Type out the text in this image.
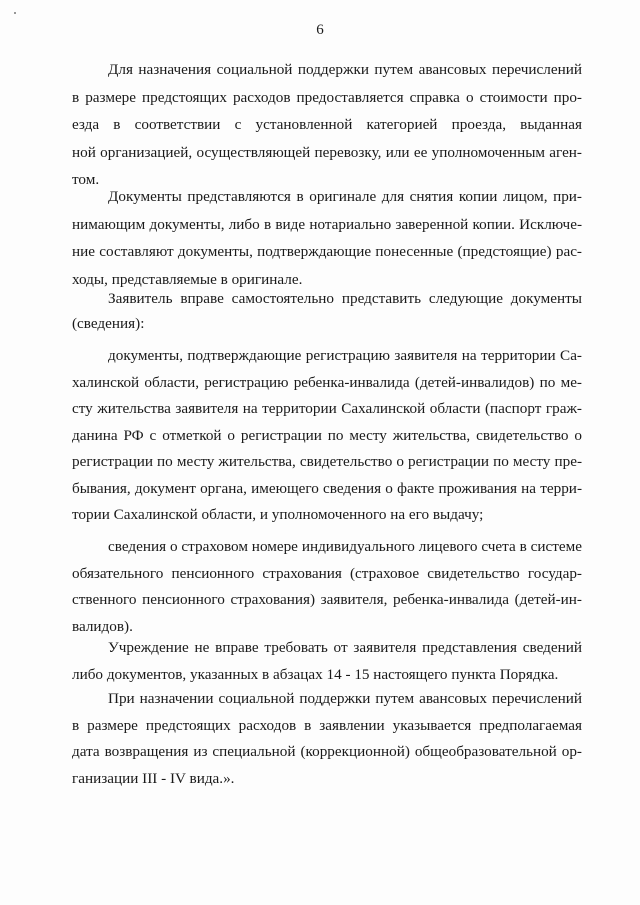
6
Для назначения социальной поддержки путем авансовых перечислений
в размере предстоящих расходов предоставляется справка о стоимости про-
езда в соответствии с установленной категорией проезда, выданная
ной организацией, осуществляющей перевозку, или ее уполномоченным аген-
том.
Документы представляются в оригинале для снятия копии лицом, при-
нимающим документы, либо в виде нотариально заверенной копии. Исключе-
ние составляют документы, подтверждающие понесенные (предстоящие) рас-
ходы, представляемые в оригинале.
Заявитель вправе самостоятельно представить следующие документы
(сведения):
документы, подтверждающие регистрацию заявителя на территории Са-
халинской области, регистрацию ребенка-инвалида (детей-инвалидов) по ме-
сту жительства заявителя на территории Сахалинской области (паспорт граж-
данина РФ с отметкой о регистрации по месту жительства, свидетельство о
регистрации по месту жительства, свидетельство о регистрации по месту пре-
бывания, документ органа, имеющего сведения о факте проживания на терри-
тории Сахалинской области, и уполномоченного на его выдачу;
сведения о страховом номере индивидуального лицевого счета в системе
обязательного пенсионного страхования (страховое свидетельство государ-
ственного пенсионного страхования) заявителя, ребенка-инвалида (детей-ин-
валидов).
Учреждение не вправе требовать от заявителя представления сведений
либо документов, указанных в абзацах 14 - 15 настоящего пункта Порядка.
При назначении социальной поддержки путем авансовых перечислений
в размере предстоящих расходов в заявлении указывается предполагаемая
дата возвращения из специальной (коррекционной) общеобразовательной ор-
ганизации III - IV вида.».
